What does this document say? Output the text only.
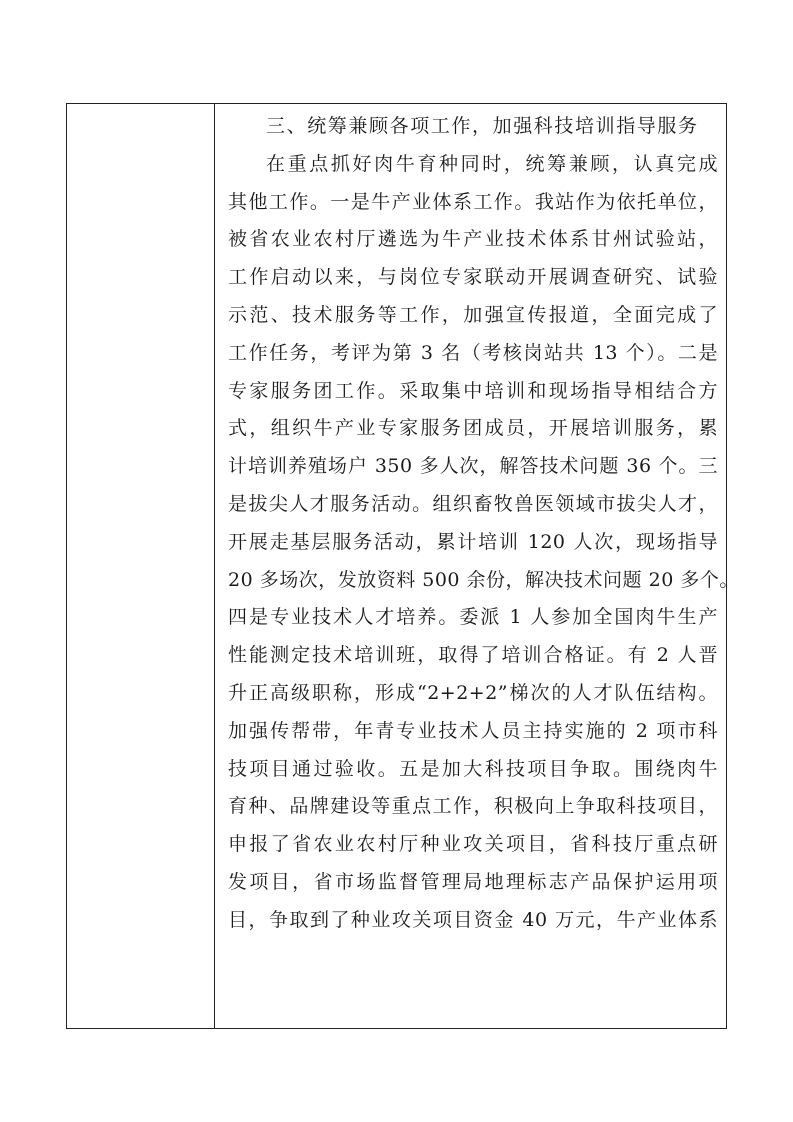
三、统筹兼顾各项工作，加强科技培训指导服务
在重点抓好肉牛育种同时，统筹兼顾，认真完成
其他工作。一是牛产业体系工作。我站作为依托单位，
被省农业农村厅遴选为牛产业技术体系甘州试验站，
工作启动以来，与岗位专家联动开展调查研究、试验
示范、技术服务等工作，加强宣传报道，全面完成了
工作任务，考评为第 3 名（考核岗站共 13 个）。二是
专家服务团工作。采取集中培训和现场指导相结合方
式，组织牛产业专家服务团成员，开展培训服务，累
计培训养殖场户 350 多人次，解答技术问题 36 个。三
是拔尖人才服务活动。组织畜牧兽医领域市拔尖人才，
开展走基层服务活动，累计培训 120 人次，现场指导
20 多场次，发放资料 500 余份，解决技术问题 20 多个。
四是专业技术人才培养。委派 1 人参加全国肉牛生产
性能测定技术培训班，取得了培训合格证。有 2 人晋
升正高级职称，形成“2+2+2”梯次的人才队伍结构。
加强传帮带，年青专业技术人员主持实施的 2 项市科
技项目通过验收。五是加大科技项目争取。围绕肉牛
育种、品牌建设等重点工作，积极向上争取科技项目，
申报了省农业农村厅种业攻关项目，省科技厅重点研
发项目，省市场监督管理局地理标志产品保护运用项
目，争取到了种业攻关项目资金 40 万元，牛产业体系
